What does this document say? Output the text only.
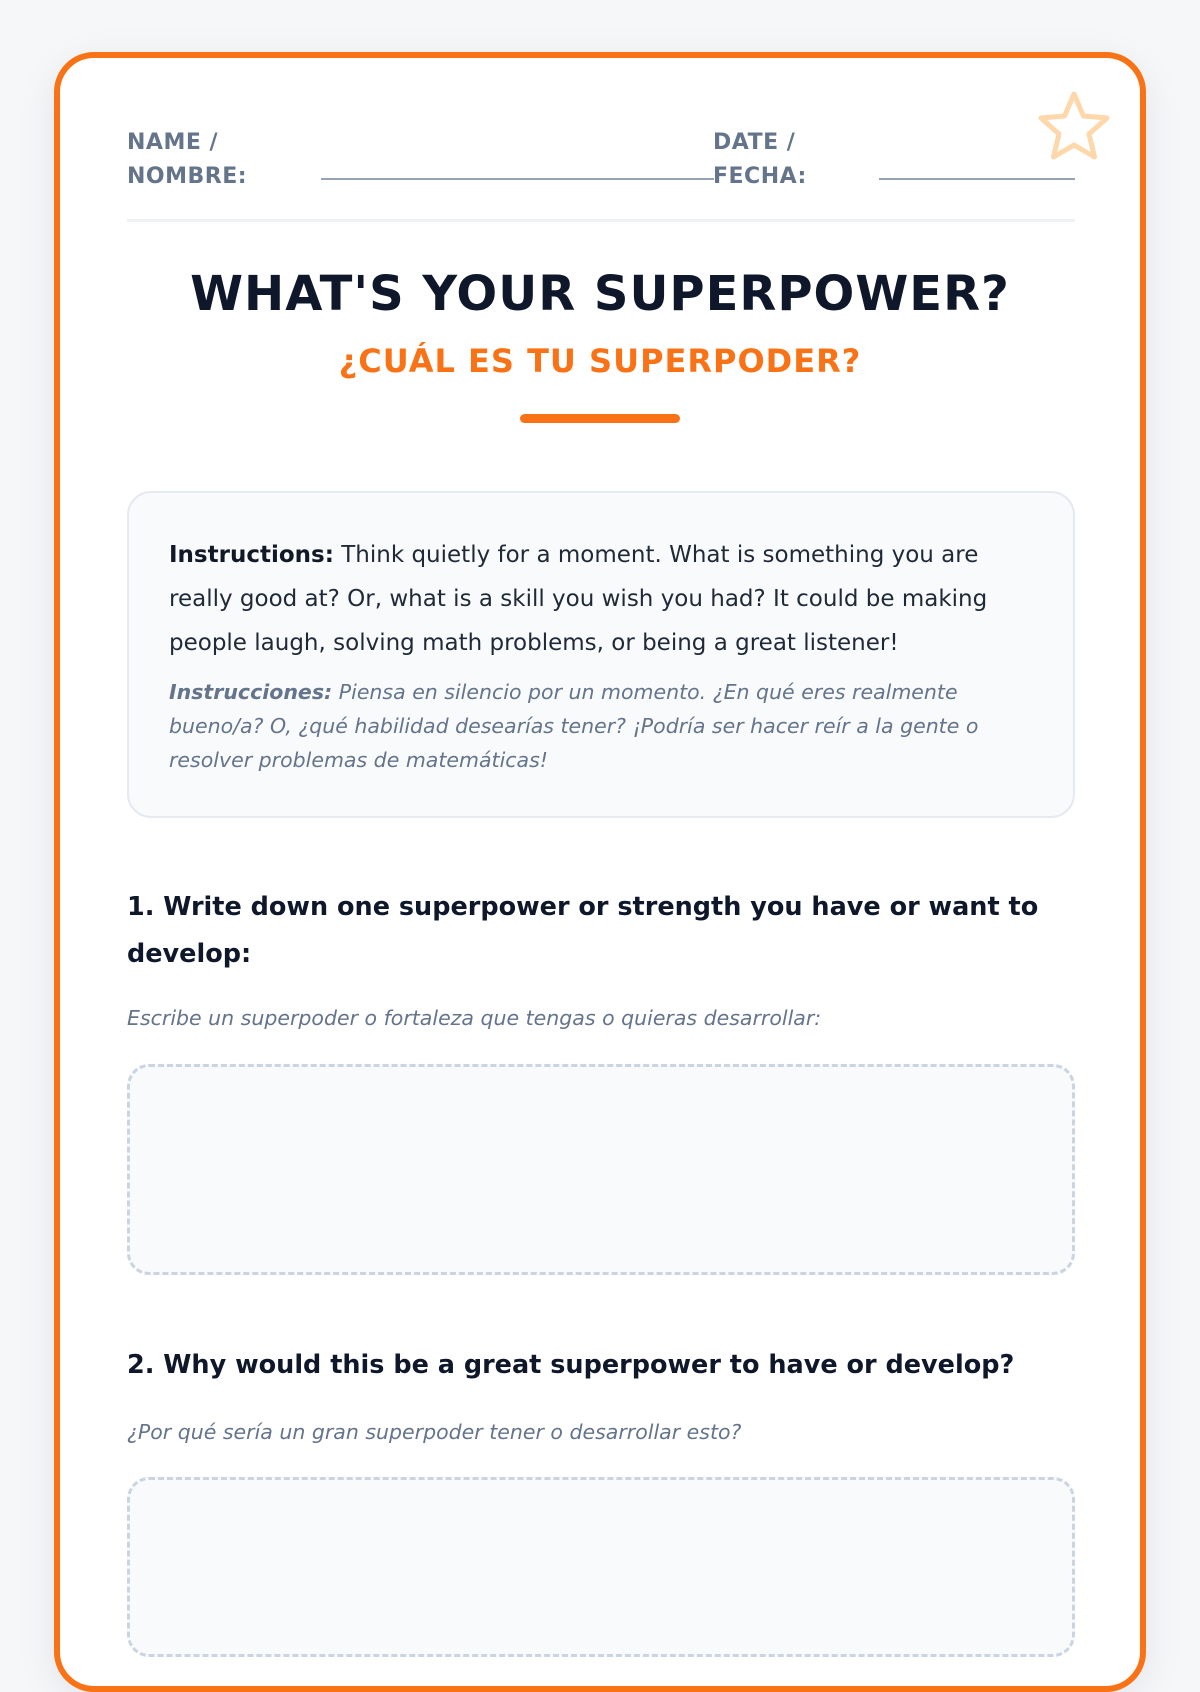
NAME /
NOMBRE:
DATE /
FECHA:
WHAT'S YOUR SUPERPOWER?
¿CUÁL ES TU SUPERPODER?
Instructions: Think quietly for a moment. What is something you are really good at? Or, what is a skill you wish you had? It could be making people laugh, solving math problems, or being a great listener!
Instrucciones: Piensa en silencio por un momento. ¿En qué eres realmente bueno/a? O, ¿qué habilidad desearías tener? ¡Podría ser hacer reír a la gente o resolver problemas de matemáticas!
1. Write down one superpower or strength you have or want to develop:
Escribe un superpoder o fortaleza que tengas o quieras desarrollar:
2. Why would this be a great superpower to have or develop?
¿Por qué sería un gran superpoder tener o desarrollar esto?
